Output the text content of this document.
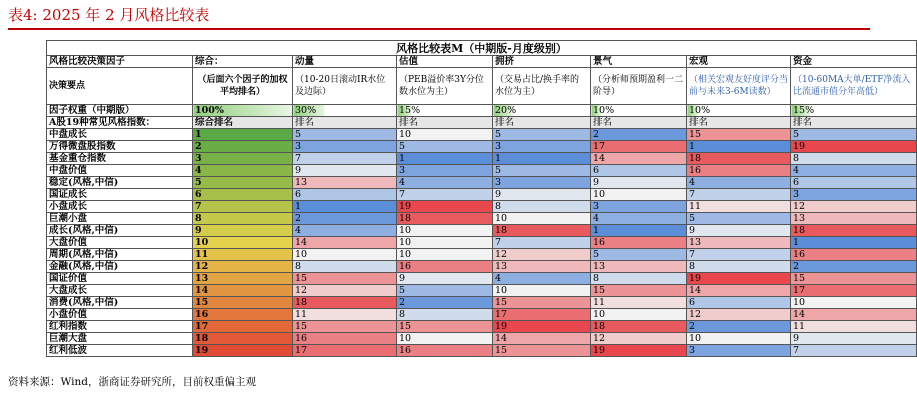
表4: 2025 年 2 月风格比较表
风格比较表M（中期版-月度级别）							
风格比较决策因子	综合：	动量	估值	拥挤	景气	宏观	资金
决策要点	（后面六个因子的加权平均排名）	（10-20日滚动IR水位及边际）	（PEB溢价率3Y分位数水位为主）	（交易占比/换手率的水位为主）	（分析师预期盈利一二阶导）	（相关宏观友好度评分当前与未来3-6M读数）	（10-60MA大单/ETF净流入比流通市值分年高低）
因子权重（中期版）	100%	30%	15%	20%	10%	10%	15%
A股19种常见风格指数：	综合排名	排名	排名	排名	排名	排名	排名
中盘成长	1	5	10	5	2	15	5
万得微盘股指数	2	3	5	3	17	1	19
基金重仓指数	3	7	1	1	14	18	8
中盘价值	4	9	3	5	6	16	4
稳定(风格,中信)	5	13	4	3	9	4	6
国证成长	6	6	7	9	10	7	3
小盘成长	7	1	19	8	3	11	12
巨潮小盘	8	2	18	10	4	5	13
成长(风格,中信)	9	4	10	18	1	9	18
大盘价值	10	14	10	7	16	13	1
周期(风格,中信)	11	10	10	12	5	7	16
金融(风格,中信)	12	8	16	13	13	8	2
国证价值	13	15	9	4	8	19	15
大盘成长	14	12	5	10	15	14	17
消费(风格,中信)	15	18	2	15	11	6	10
小盘价值	16	11	8	17	10	12	14
红利指数	17	15	15	19	18	2	11
巨潮大盘	18	16	10	14	12	10	9
红利低波	19	17	16	15	19	3	7
资料来源：Wind，浙商证券研究所，目前权重偏主观
